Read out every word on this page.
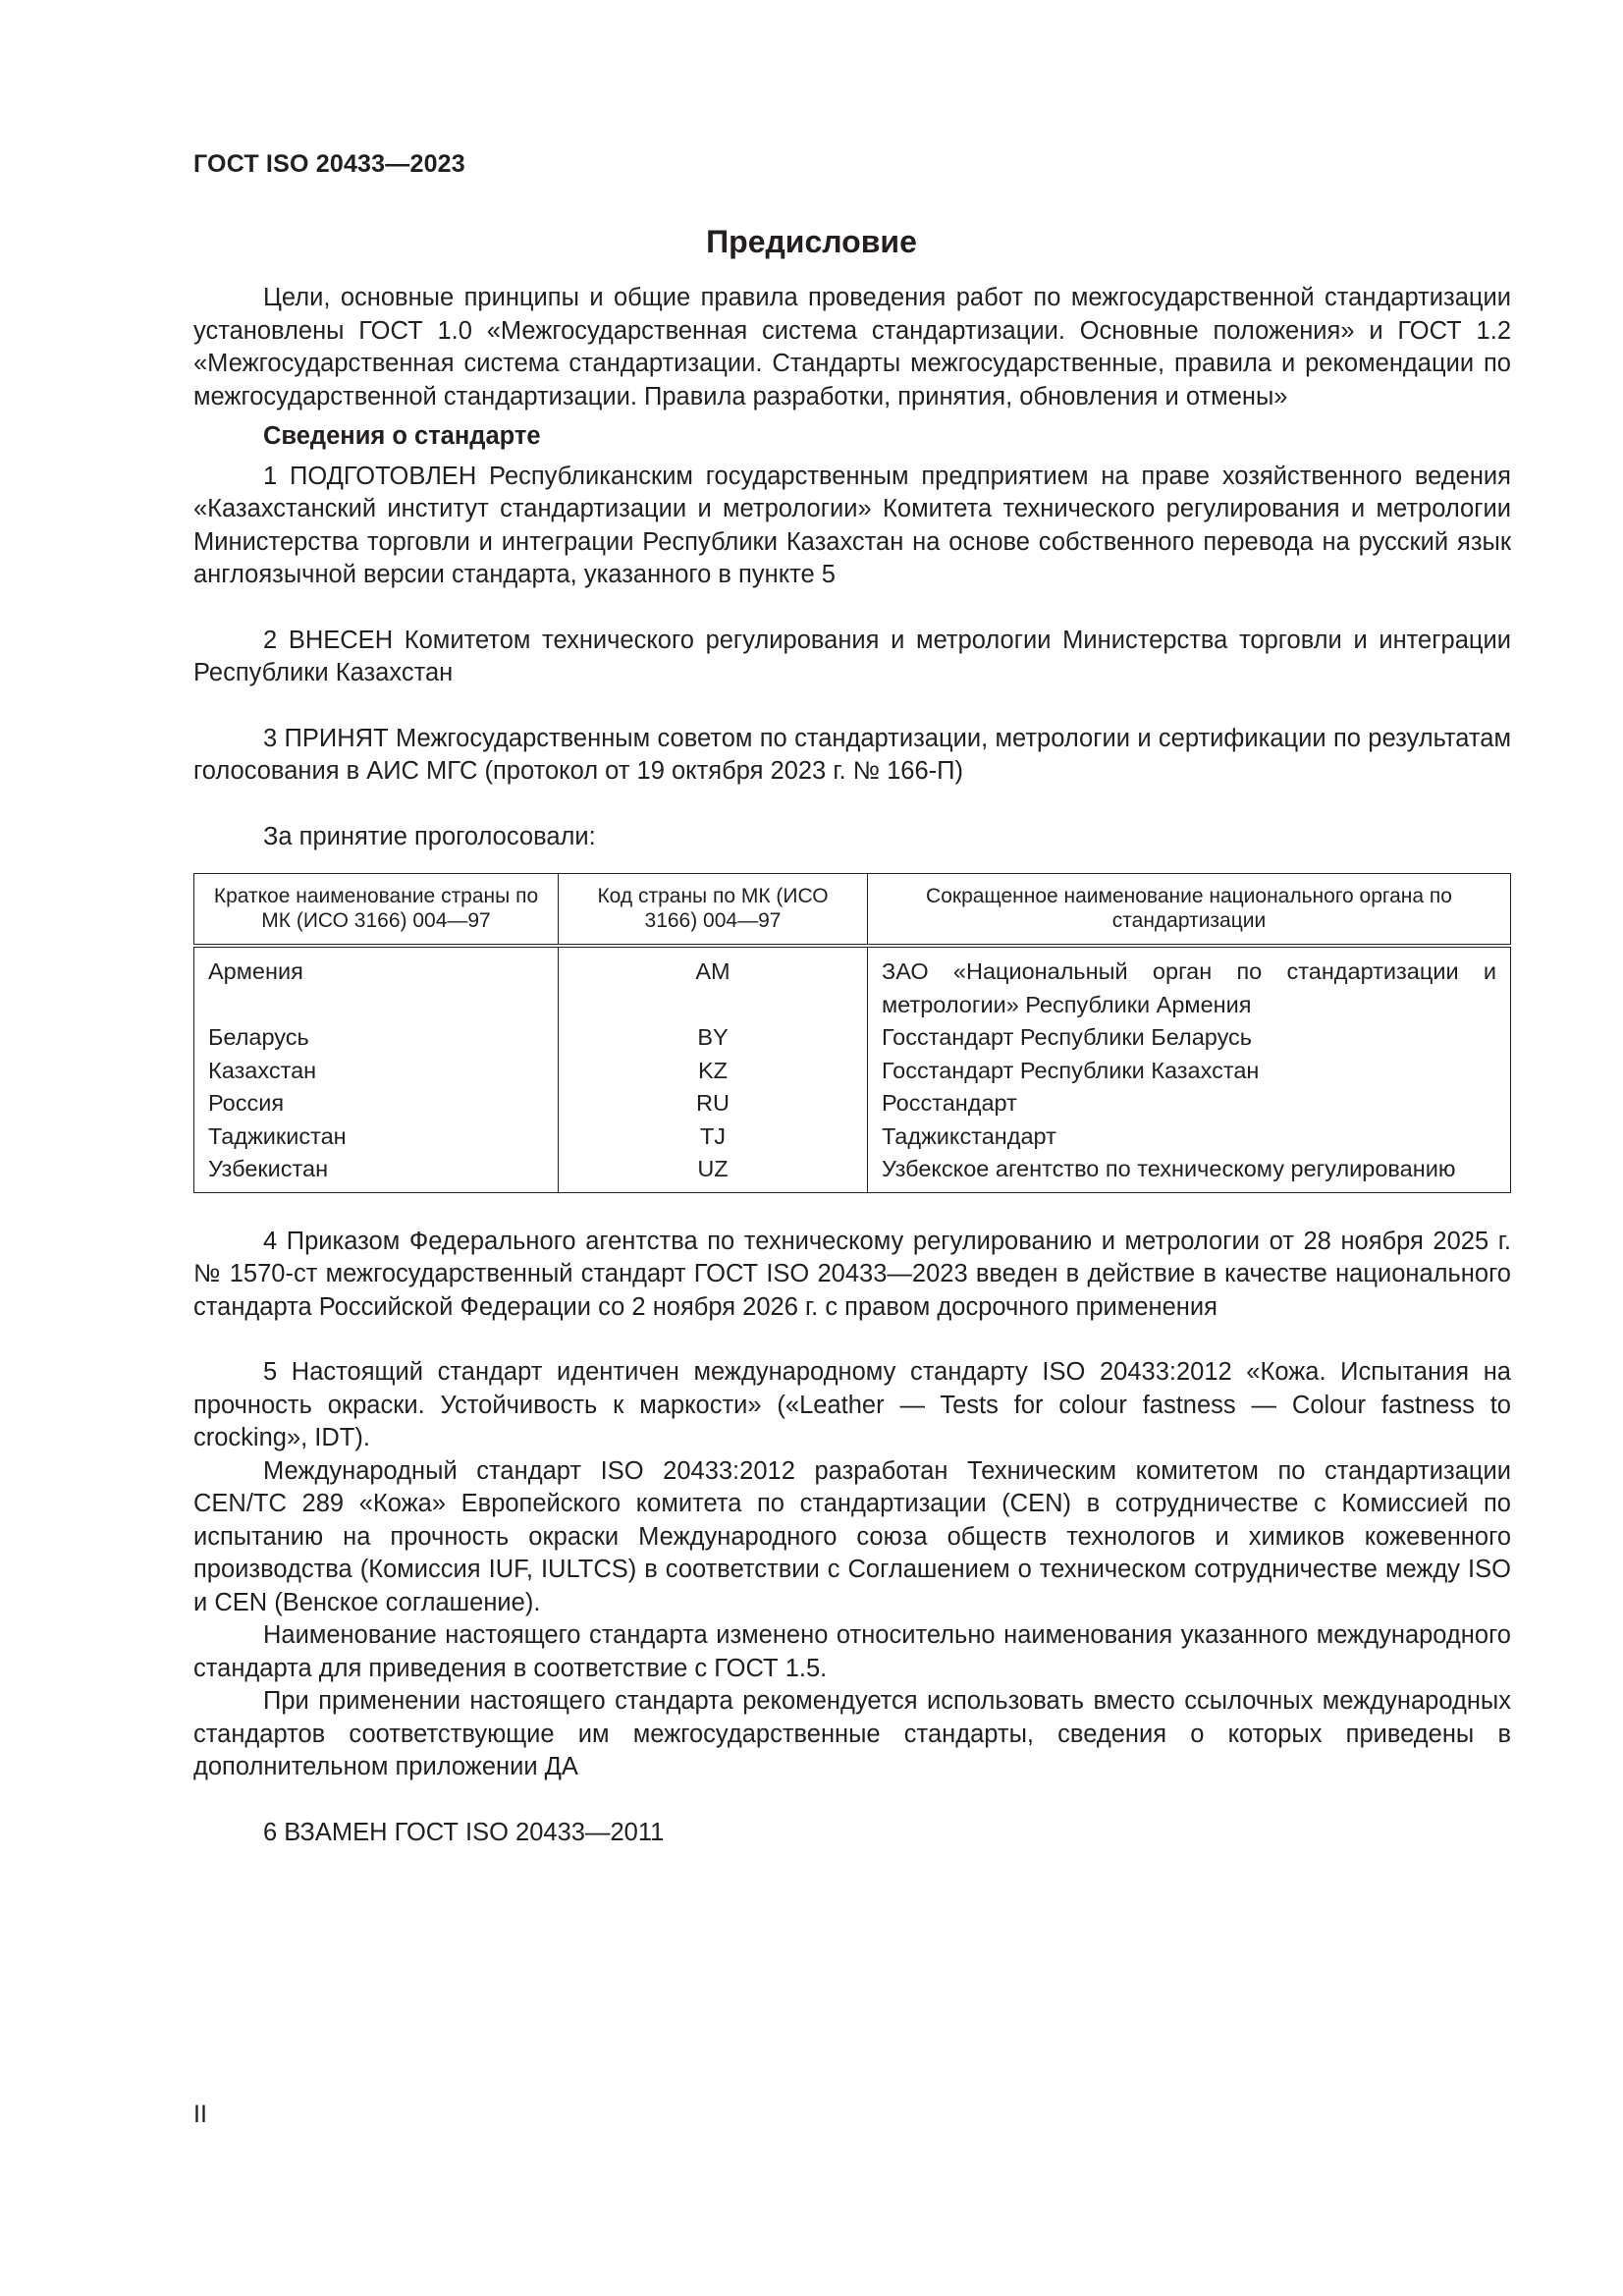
ГОСТ ISO 20433—2023
Предисловие

Цели, основные принципы и общие правила проведения работ по межгосударственной стандартизации установлены ГОСТ 1.0 «Межгосударственная система стандартизации. Основные положения» и ГОСТ 1.2 «Межгосударственная система стандартизации. Стандарты межгосударственные, правила и рекомендации по межгосударственной стандартизации. Правила разработки, принятия, обновления и отмены»

Сведения о стандарте

1 ПОДГОТОВЛЕН Республиканским государственным предприятием на праве хозяйственного ведения «Казахстанский институт стандартизации и метрологии» Комитета технического регулирования и метрологии Министерства торговли и интеграции Республики Казахстан на основе собственного перевода на русский язык англоязычной версии стандарта, указанного в пункте 5

2 ВНЕСЕН Комитетом технического регулирования и метрологии Министерства торговли и интеграции Республики Казахстан

3 ПРИНЯТ Межгосударственным советом по стандартизации, метрологии и сертификации по результатам голосования в АИС МГС (протокол от 19 октября 2023 г. № 166-П)

За принятие проголосовали:

Краткое наименование страны по МК (ИСО 3166) 004—97	Код страны по МК (ИСО 3166) 004—97	Сокращенное наименование национального органа по стандартизации
Армения	AM	ЗАО «Национальный орган по стандартизации и метрологии» Республики Армения
Беларусь	BY	Госстандарт Республики Беларусь
Казахстан	KZ	Госстандарт Республики Казахстан
Россия	RU	Росстандарт
Таджикистан	TJ	Таджикстандарт
Узбекистан	UZ	Узбекское агентство по техническому регулированию

4 Приказом Федерального агентства по техническому регулированию и метрологии от 28 ноября 2025 г. № 1570-ст межгосударственный стандарт ГОСТ ISO 20433—2023 введен в действие в качестве национального стандарта Российской Федерации со 2 ноября 2026 г. с правом досрочного применения

5 Настоящий стандарт идентичен международному стандарту ISO 20433:2012 «Кожа. Испытания на прочность окраски. Устойчивость к маркости» («Leather — Tests for colour fastness — Colour fastness to crocking», IDT).

Международный стандарт ISO 20433:2012 разработан Техническим комитетом по стандартизации CEN/TC 289 «Кожа» Европейского комитета по стандартизации (CEN) в сотрудничестве с Комиссией по испытанию на прочность окраски Международного союза обществ технологов и химиков кожевенного производства (Комиссия IUF, IULTCS) в соответствии с Соглашением о техническом сотрудничестве между ISO и CEN (Венское соглашение).

Наименование настоящего стандарта изменено относительно наименования указанного международного стандарта для приведения в соответствие с ГОСТ 1.5.

При применении настоящего стандарта рекомендуется использовать вместо ссылочных международных стандартов соответствующие им межгосударственные стандарты, сведения о которых приведены в дополнительном приложении ДА

6 ВЗАМЕН ГОСТ ISO 20433—2011

II
